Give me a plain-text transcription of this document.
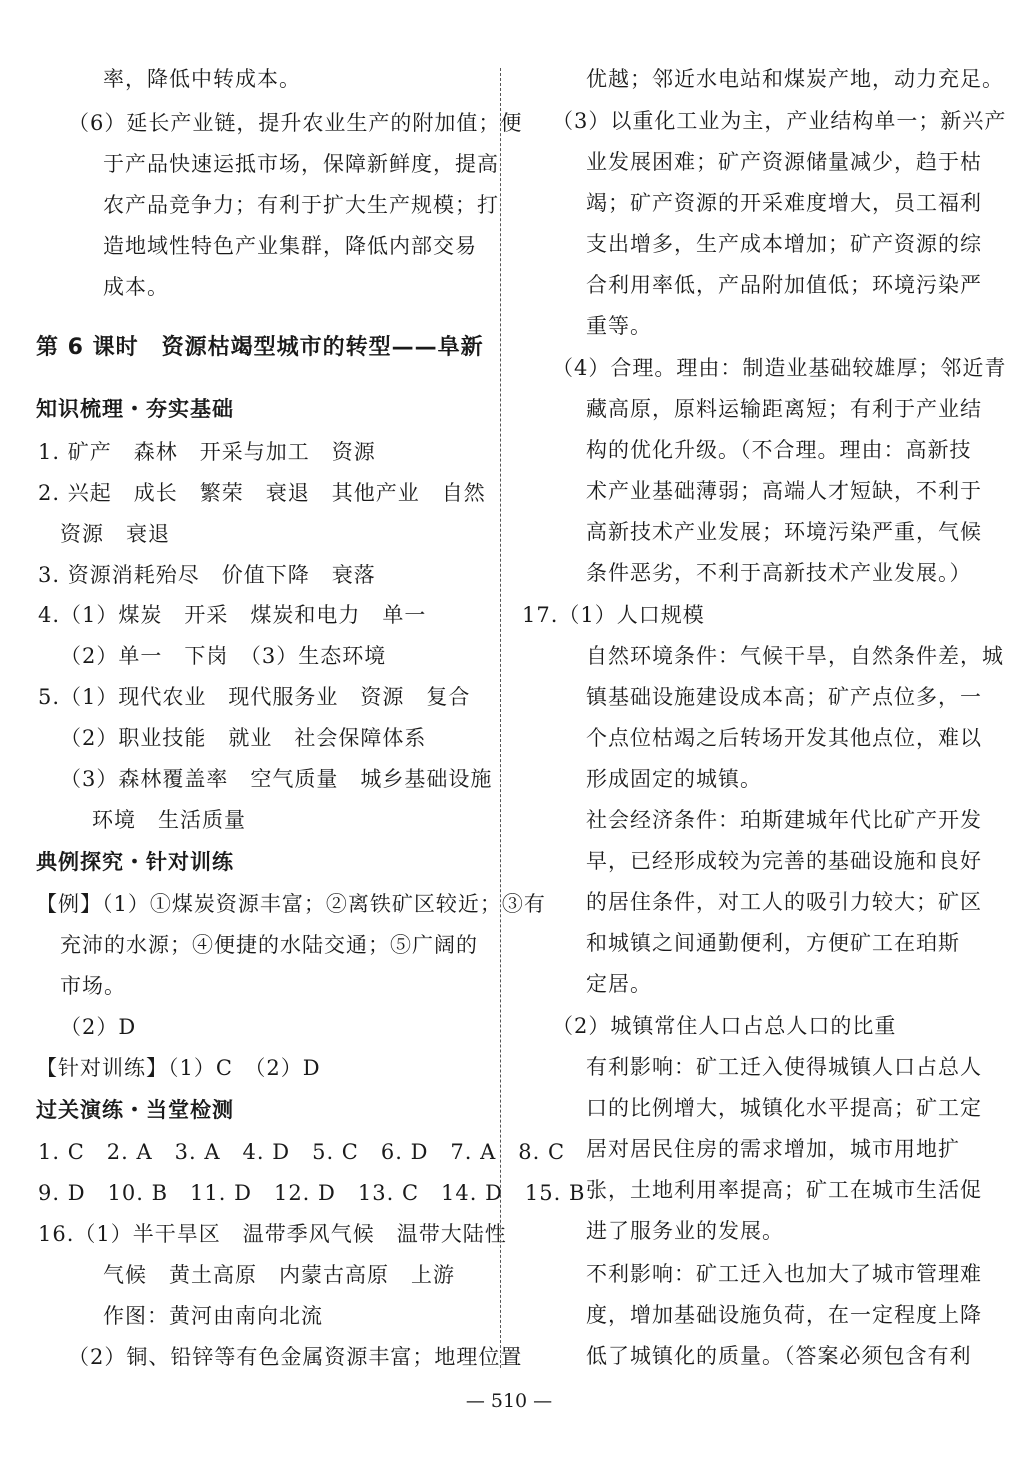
率，降低中转成本。
（6）延长产业链，提升农业生产的附加值；便
于产品快速运抵市场，保障新鲜度，提高
农产品竞争力；有利于扩大生产规模；打
造地域性特色产业集群，降低内部交易
成本。
第 6 课时　资源枯竭型城市的转型——阜新
知识梳理・夯实基础
1. 矿产　森林　开采与加工　资源
2. 兴起　成长　繁荣　衰退　其他产业　自然
资源　衰退
3. 资源消耗殆尽　价值下降　衰落
4.（1）煤炭　开采　煤炭和电力　单一
（2）单一　下岗　（3）生态环境
5.（1）现代农业　现代服务业　资源　复合
（2）职业技能　就业　社会保障体系
（3）森林覆盖率　空气质量　城乡基础设施
环境　生活质量
典例探究・针对训练
【例】（1）①煤炭资源丰富；②离铁矿区较近；③有
充沛的水源；④便捷的水陆交通；⑤广阔的
市场。
（2）D
【针对训练】（1）C　（2）D
过关演练・当堂检测
1. C　2. A　3. A　4. D　5. C　6. D　7. A　8. C
9. D　10. B　11. D　12. D　13. C　14. D　15. B
16.（1）半干旱区　温带季风气候　温带大陆性
气候　黄土高原　内蒙古高原　上游
作图：黄河由南向北流
（2）铜、铅锌等有色金属资源丰富；地理位置
优越；邻近水电站和煤炭产地，动力充足。
（3）以重化工业为主，产业结构单一；新兴产
业发展困难；矿产资源储量减少，趋于枯
竭；矿产资源的开采难度增大，员工福利
支出增多，生产成本增加；矿产资源的综
合利用率低，产品附加值低；环境污染严
重等。
（4）合理。理由：制造业基础较雄厚；邻近青
藏高原，原料运输距离短；有利于产业结
构的优化升级。（不合理。理由：高新技
术产业基础薄弱；高端人才短缺，不利于
高新技术产业发展；环境污染严重，气候
条件恶劣，不利于高新技术产业发展。）
17.（1）人口规模
自然环境条件：气候干旱，自然条件差，城
镇基础设施建设成本高；矿产点位多，一
个点位枯竭之后转场开发其他点位，难以
形成固定的城镇。
社会经济条件：珀斯建城年代比矿产开发
早，已经形成较为完善的基础设施和良好
的居住条件，对工人的吸引力较大；矿区
和城镇之间通勤便利，方便矿工在珀斯
定居。
（2）城镇常住人口占总人口的比重
有利影响：矿工迁入使得城镇人口占总人
口的比例增大，城镇化水平提高；矿工定
居对居民住房的需求增加，城市用地扩
张，土地利用率提高；矿工在城市生活促
进了服务业的发展。
不利影响：矿工迁入也加大了城市管理难
度，增加基础设施负荷，在一定程度上降
低了城镇化的质量。（答案必须包含有利
— 510 —
